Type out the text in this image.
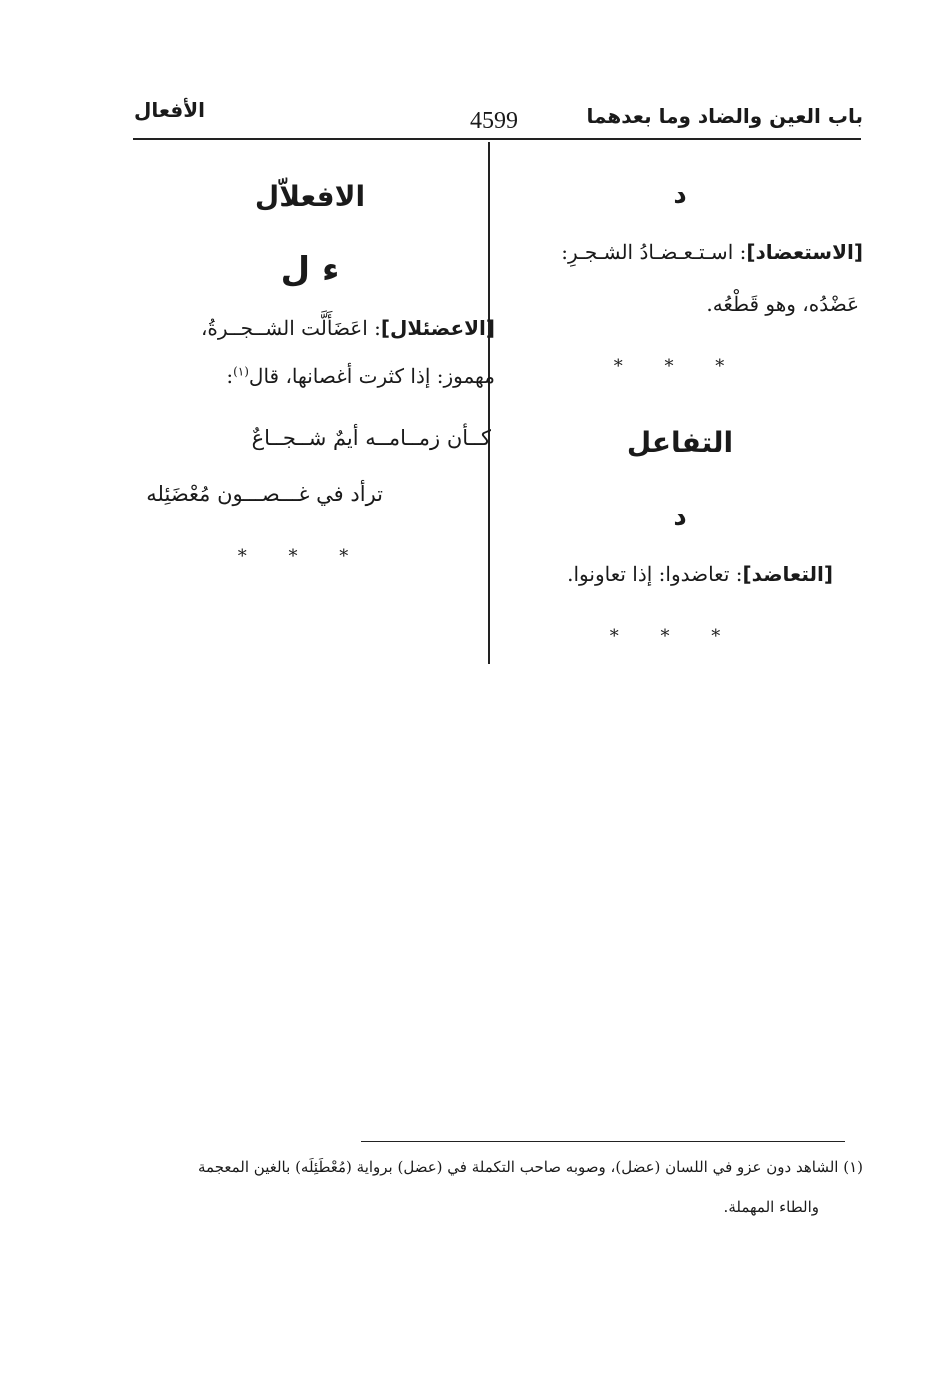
باب العين والضاد وما بعدهما
4599
الأفعال
د
[الاستعضاد]: اسـتـعـضـادُ الشـجـرِ:
عَضْدُه، وهو قَطْعُه.
* * *
التفاعل
د
[التعاضد]: تعاضدوا: إذا تعاونوا.
* * *
الافعلاّل
ء ل
[الاعضئلال]: اعَضَأَلَّت الشــجــرةُ،
مهموز: إذا كثرت أغصانها، قال$^{(١)}$:
كــأن زمــامــه أيمٌ شــجــاعٌ
ترأد في غـــصـــون مُعْضَئِله
* * *
(١) الشاهد دون عزو في اللسان (عضل)، وصوبه صاحب التكملة في (عضل) برواية (مُعْطَئِلَه) بالغين المعجمة
والطاء المهملة.
